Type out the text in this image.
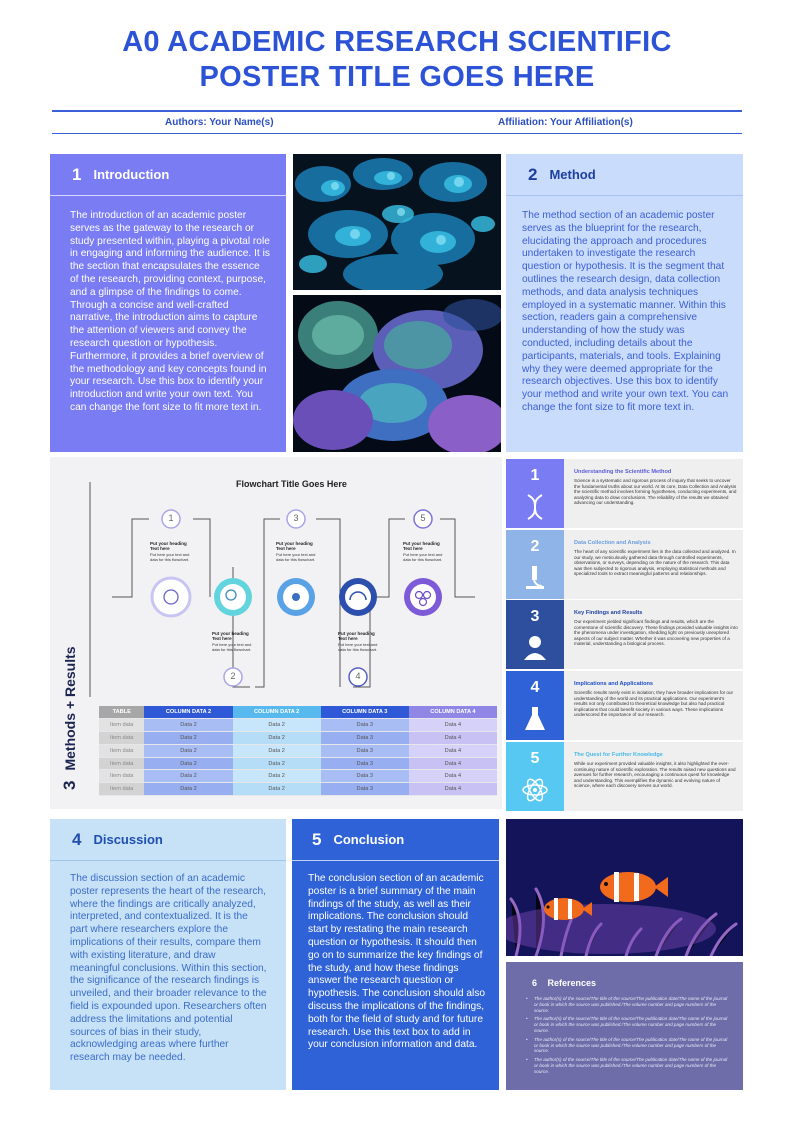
A0 ACADEMIC RESEARCH SCIENTIFIC
POSTER TITLE GOES HERE
Authors: Your Name(s)	Affiliation: Your Affiliation(s)
1 Introduction
The introduction of an academic poster serves as the gateway to the research or study presented within, playing a pivotal role in engaging and informing the audience. It is the section that encapsulates the essence of the research, providing context, purpose, and a glimpse of the findings to come. Through a concise and well-crafted narrative, the introduction aims to capture the attention of viewers and convey the research question or hypothesis. Furthermore, it provides a brief overview of the methodology and key concepts found in your research. Use this box to identify your introduction and write your own text. You can change the font size to fit more text in.
2 Method
The method section of an academic poster serves as the blueprint for the research, elucidating the approach and procedures undertaken to investigate the research question or hypothesis. It is the segment that outlines the research design, data collection methods, and data analysis techniques employed in a systematic manner. Within this section, readers gain a comprehensive understanding of how the study was conducted, including details about the participants, materials, and tools. Explaining why they were deemed appropriate for the research objectives. Use this box to identify your method and write your own text. You can change the font size to fit more text in.
3Methods + Results
Flowchart Title Goes Here
1
2
3
4
5
Put your heading Text here
Put here your text and data for this flowchart.
Put your heading Text here
Put here your text and data for this flowchart.
Put your heading Text here
Put here your text and data for this flowchart.
Put your heading Text here
Put here your text and data for this flowchart.
Put your heading Text here
Put here your text and data for this flowchart.
TABLE	COLUMN DATA 2	COLUMN DATA 2	COLUMN DATA 3	COLUMN DATA 4
Item data	Data 2	Data 2	Data 3	Data 4
Item data	Data 2	Data 2	Data 3	Data 4
Item data	Data 2	Data 2	Data 3	Data 4
Item data	Data 2	Data 2	Data 3	Data 4
Item data	Data 2	Data 2	Data 3	Data 4
Item data	Data 2	Data 2	Data 3	Data 4
1	Understanding the Scientific Method
Science is a systematic and rigorous process of inquiry that seeks to uncover the fundamental truths about our world. At its core, Data Collection and Analysis the scientific method involves forming hypotheses, conducting experiments, and analyzing data to draw conclusions. The reliability of the results we obtained advancing our understanding.
2	Data Collection and Analysis
The heart of any scientific experiment lies in the data collected and analyzed. In our study, we meticulously gathered data through controlled experiments, observations, or surveys, depending on the nature of the research. This data was then subjected to rigorous analysis, employing statistical methods and specialized tools to extract meaningful patterns and relationships.
3	Key Findings and Results
Our experiment yielded significant findings and results, which are the cornerstone of scientific discovery. These findings provided valuable insights into the phenomena under investigation, shedding light on previously unexplored aspects of our subject matter. Whether it was uncovering new properties of a material, understanding a biological process.
4	Implications and Applications
Scientific results rarely exist in isolation; they have broader implications for our understanding of the world and its practical applications. Our experiment's results not only contributed to theoretical knowledge but also had practical implications that could benefit society in various ways. These implications underscored the importance of our research.
5	The Quest for Further Knowledge
While our experiment provided valuable insights, it also highlighted the ever-continuing nature of scientific exploration. The results raised new questions and avenues for further research, encouraging a continuous quest for knowledge and understanding. This exemplifies the dynamic and evolving nature of science, where each discovery serves our world.
4 Discussion
The discussion section of an academic poster represents the heart of the research, where the findings are critically analyzed, interpreted, and contextualized. It is the part where researchers explore the implications of their results, compare them with existing literature, and draw meaningful conclusions. Within this section, the significance of the research findings is unveiled, and their broader relevance to the field is expounded upon. Researchers often address the limitations and potential sources of bias in their study, acknowledging areas where further research may be needed.
5 Conclusion
The conclusion section of an academic poster is a brief summary of the main findings of the study, as well as their implications. The conclusion should start by restating the main research question or hypothesis. It should then go on to summarize the key findings of the study, and how these findings answer the research question or hypothesis. The conclusion should also discuss the implications of the findings, both for the field of study and for future research. Use this text box to add in your conclusion information and data.
6 References
• The author(s) of the source/The title of the source/The publication date/The name of the journal or book in which the source was published./The volume number and page numbers of the source.
• The author(s) of the source/The title of the source/The publication date/The name of the journal or book in which the source was published./The volume number and page numbers of the source.
• The author(s) of the source/The title of the source/The publication date/The name of the journal or book in which the source was published./The volume number and page numbers of the source.
• The author(s) of the source/The title of the source/The publication date/The name of the journal or book in which the source was published./The volume number and page numbers of the source.
